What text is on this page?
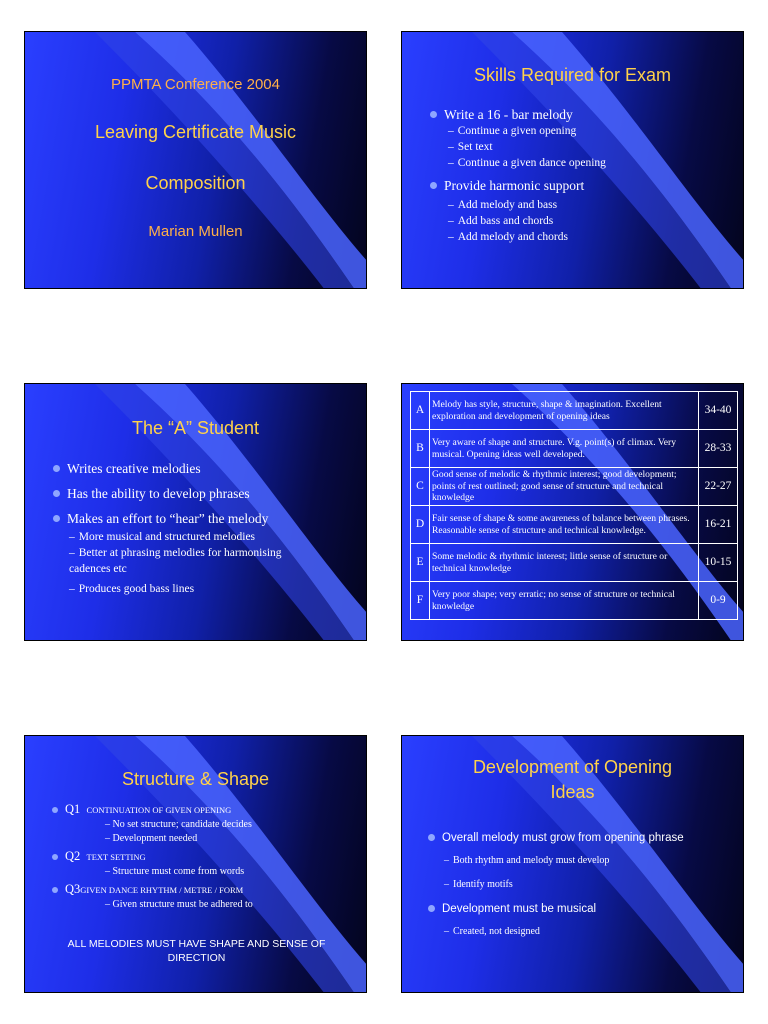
PPMTA Conference 2004
Leaving Certificate Music
Composition
Marian Mullen
Skills Required for Exam
Write a 16 - bar melody
– Continue a given opening
– Set text
– Continue a given dance opening
Provide harmonic support
– Add melody and bass
– Add bass and chords
– Add melody and chords
The “A” Student
Writes creative melodies
Has the ability to develop phrases
Makes an effort to “hear” the melody
– More musical and structured melodies
– Better at phrasing melodies for harmonising cadences etc
– Produces good bass lines
A	Melody has style, structure, shape & imagination. Excellent exploration and development of opening ideas	34-40
B	Very aware of shape and structure. V.g. point(s) of climax. Very musical. Opening ideas well developed.	28-33
C	Good sense of melodic & rhythmic interest; good development; points of rest outlined; good sense of structure and technical knowledge	22-27
D	Fair sense of shape & some awareness of balance between phrases. Reasonable sense of structure and technical knowledge.	16-21
E	Some melodic & rhythmic interest; little sense of structure or technical knowledge	10-15
F	Very poor shape; very erratic; no sense of structure or technical knowledge	0-9
Structure & Shape
Q1 CONTINUATION OF GIVEN OPENING
– No set structure; candidate decides
– Development needed
Q2 TEXT SETTING
– Structure must come from words
Q3GIVEN DANCE RHYTHM / METRE / FORM
– Given structure must be adhered to
ALL MELODIES MUST HAVE SHAPE AND SENSE OF DIRECTION
Development of Opening
Ideas
Overall melody must grow from opening phrase
– Both rhythm and melody must develop
– Identify motifs
Development must be musical
– Created, not designed
